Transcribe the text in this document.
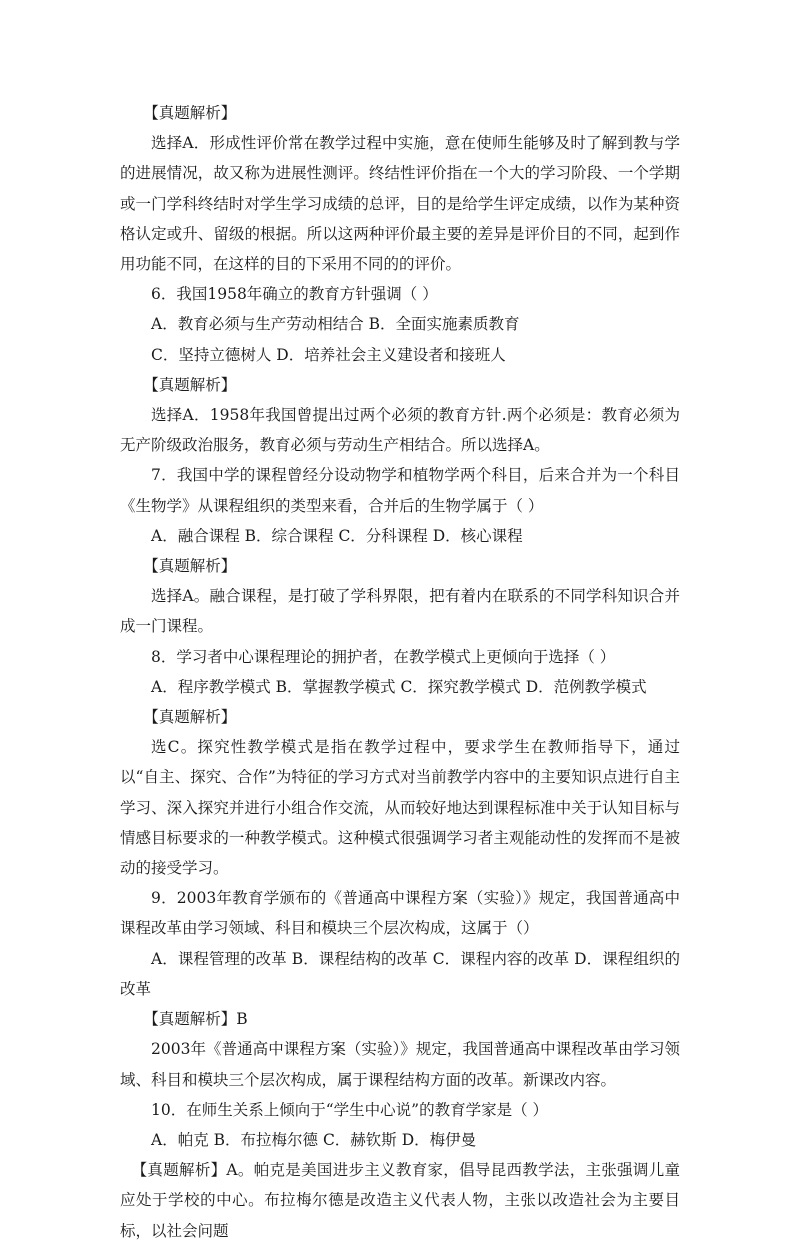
【真题解析】

选择A．形成性评价常在教学过程中实施，意在使师生能够及时了解到教与学的进展情况，故又称为进展性测评。终结性评价指在一个大的学习阶段、一个学期或一门学科终结时对学生学习成绩的总评，目的是给学生评定成绩，以作为某种资格认定或升、留级的根据。所以这两种评价最主要的差异是评价目的不同，起到作用功能不同，在这样的目的下采用不同的的评价。

6．我国1958年确立的教育方针强调（ ）

A．教育必须与生产劳动相结合 B．全面实施素质教育

C．坚持立德树人 D．培养社会主义建设者和接班人

【真题解析】

选择A．1958年我国曾提出过两个必须的教育方针.两个必须是：教育必须为无产阶级政治服务，教育必须与劳动生产相结合。所以选择A。

7．我国中学的课程曾经分设动物学和植物学两个科目，后来合并为一个科目《生物学》从课程组织的类型来看，合并后的生物学属于（ ）

A．融合课程 B．综合课程 C．分科课程 D．核心课程

【真题解析】

选择A。融合课程，是打破了学科界限，把有着内在联系的不同学科知识合并成一门课程。

8．学习者中心课程理论的拥护者，在教学模式上更倾向于选择（ ）

A．程序教学模式 B．掌握教学模式 C．探究教学模式 D．范例教学模式

【真题解析】

选C。探究性教学模式是指在教学过程中，要求学生在教师指导下，通过以“自主、探究、合作”为特征的学习方式对当前教学内容中的主要知识点进行自主学习、深入探究并进行小组合作交流，从而较好地达到课程标准中关于认知目标与情感目标要求的一种教学模式。这种模式很强调学习者主观能动性的发挥而不是被动的接受学习。

9．2003年教育学颁布的《普通高中课程方案（实验）》规定，我国普通高中课程改革由学习领域、科目和模块三个层次构成，这属于（）

A．课程管理的改革 B．课程结构的改革 C．课程内容的改革 D．课程组织的改革

【真题解析】B

2003年《普通高中课程方案（实验）》规定，我国普通高中课程改革由学习领域、科目和模块三个层次构成，属于课程结构方面的改革。新课改内容。

10．在师生关系上倾向于“学生中心说”的教育学家是（ ）

A．帕克 B．布拉梅尔德 C．赫钦斯 D．梅伊曼

【真题解析】A。帕克是美国进步主义教育家，倡导昆西教学法，主张强调儿童应处于学校的中心。布拉梅尔德是改造主义代表人物，主张以改造社会为主要目标，以社会问题
